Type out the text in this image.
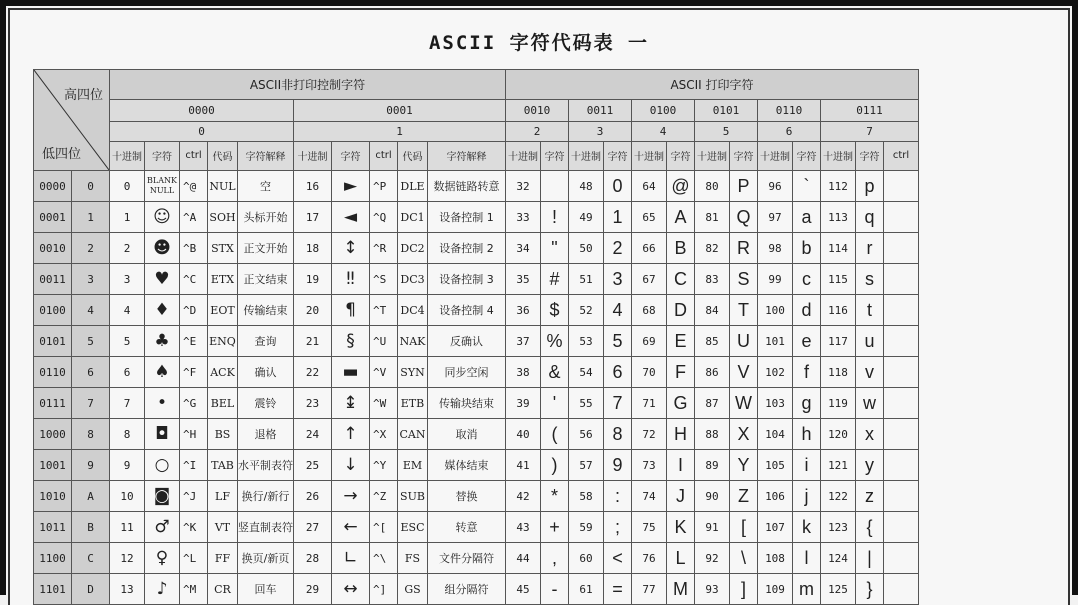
ASCII 字符代码表 一
高四位
低四位		ASCII非打印控制字符										ASCII 打印字符												
		0000					0001					0010		0011		0100		0101		0110		0111		
		0					1					2		3		4		5		6		7		
		十进制	字符	ctrl	代码	字符解释	十进制	字符	ctrl	代码	字符解释	十进制	字符	十进制	字符	十进制	字符	十进制	字符	十进制	字符	十进制	字符	ctrl
0000	0	0	BLANK NULL	^@	NUL	空	16	►	^P	DLE	数据链路转意	32		48	0	64	@	80	P	96	`	112	p	
0001	1	1	☺	^A	SOH	头标开始	17	◄	^Q	DC1	设备控制 1	33	!	49	1	65	A	81	Q	97	a	113	q	
0010	2	2	☻	^B	STX	正文开始	18	↕	^R	DC2	设备控制 2	34	"	50	2	66	B	82	R	98	b	114	r	
0011	3	3	♥	^C	ETX	正文结束	19	‼	^S	DC3	设备控制 3	35	#	51	3	67	C	83	S	99	c	115	s	
0100	4	4	♦	^D	EOT	传输结束	20	¶	^T	DC4	设备控制 4	36	$	52	4	68	D	84	T	100	d	116	t	
0101	5	5	♣	^E	ENQ	查询	21	§	^U	NAK	反确认	37	%	53	5	69	E	85	U	101	e	117	u	
0110	6	6	♠	^F	ACK	确认	22	▬	^V	SYN	同步空闲	38	&	54	6	70	F	86	V	102	f	118	v	
0111	7	7	•	^G	BEL	震铃	23	↨	^W	ETB	传输块结束	39	'	55	7	71	G	87	W	103	g	119	w	
1000	8	8	◘	^H	BS	退格	24	↑	^X	CAN	取消	40	(	56	8	72	H	88	X	104	h	120	x	
1001	9	9	○	^I	TAB	水平制表符	25	↓	^Y	EM	媒体结束	41	)	57	9	73	I	89	Y	105	i	121	y	
1010	A	10	◙	^J	LF	换行/新行	26	→	^Z	SUB	替换	42	*	58	:	74	J	90	Z	106	j	122	z	
1011	B	11	♂	^K	VT	竖直制表符	27	←	^[	ESC	转意	43	+	59	;	75	K	91	[	107	k	123	{	
1100	C	12	♀	^L	FF	换页/新页	28	∟	^\	FS	文件分隔符	44	,	60	<	76	L	92	\	108	l	124	|	
1101	D	13	♪	^M	CR	回车	29	↔	^]	GS	组分隔符	45	-	61	=	77	M	93	]	109	m	125	}	
